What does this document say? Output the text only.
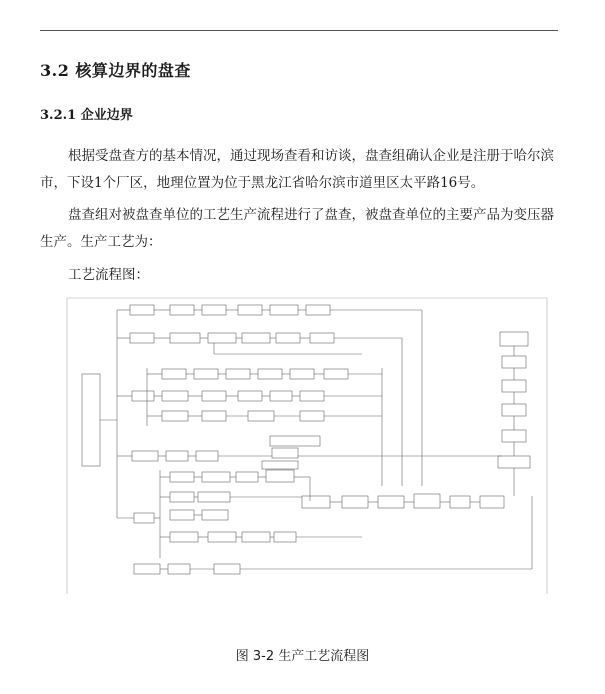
3.2 核算边界的盘查
3.2.1 企业边界
根据受盘查方的基本情况，通过现场查看和访谈，盘查组确认企业是注册于哈尔滨市，下设1个厂区，地理位置为位于黑龙江省哈尔滨市道里区太平路16号。
盘查组对被盘查单位的工艺生产流程进行了盘查，被盘查单位的主要产品为变压器生产。生产工艺为：
工艺流程图：
图 3-2 生产工艺流程图
